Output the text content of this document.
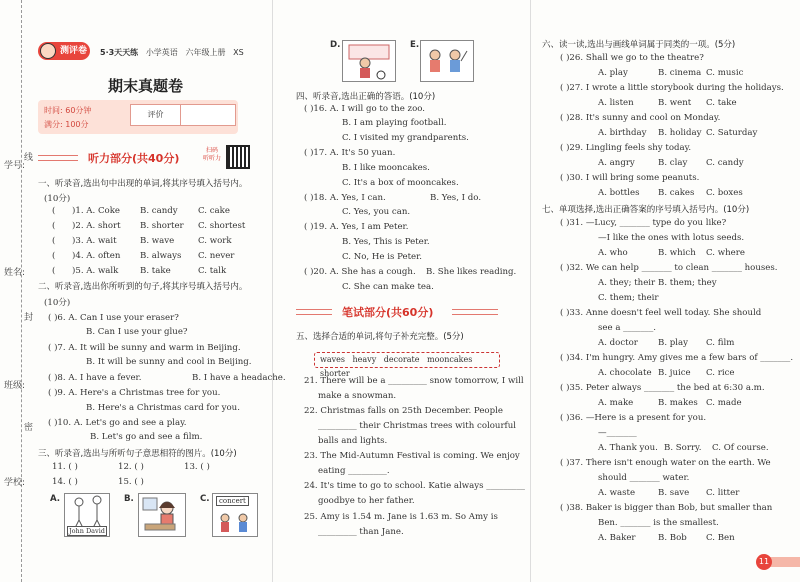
学号:
线
姓名:
封
班级:
密
学校:
测评卷	5·3天天练 小学英语 六年级上册 XS
期末真题卷
时间: 60分钟
满分: 100分
评价
听力部分(共40分)
扫码
听听力
一、听录音,选出句中出现的单词,将其序号填入括号内。
(10分)
( )1. A. Coke B. candy C. cake
( )2. A. short B. shorter C. shortest
( )3. A. wait	B. wave	C. work
( )4. A. often B. always C. never
( )5. A. walk	B. take	C. talk
二、听录音,选出你所听到的句子,将其序号填入括号内。
(10分)
( )6. A. Can I use your eraser?
B. Can I use your glue?
( )7. A. It will be sunny and warm in Beijing.
B. It will be sunny and cool in Beijing.
( )8. A. I have a fever.	B. I have a headache.
( )9. A. Here's a Christmas tree for you.
B. Here's a Christmas card for you.
( )10. A. Let's go and see a play.
B. Let's go and see a film.
三、听录音,选出与所听句子意思相符的图片。(10分)
11. ( )	12. ( )	13. ( )
14. ( )	15. ( )
A.
John David
B.	C.	concert
D.	E.
四、听录音,选出正确的答语。(10分)
( )16. A. I will go to the zoo.
B. I am playing football.
C. I visited my grandparents.
( )17. A. It's 50 yuan.
B. I like mooncakes.
C. It's a box of mooncakes.
( )18. A. Yes, I can.	B. Yes, I do.
C. Yes, you can.
( )19. A. Yes, I am Peter.
B. Yes, This is Peter.
C. No, He is Peter.
( )20. A. She has a cough. B. She likes reading.
C. She can make tea.
笔试部分(共60分)
五、选择合适的单词,将句子补充完整。(5分)
waves heavy decorate mooncakes shorter
21. There will be a _________ snow tomorrow, I will
make a snowman.
22. Christmas falls on 25th December. People
_________ their Christmas trees with colourful
balls and lights.
23. The Mid-Autumn Festival is coming. We enjoy
eating _________.
24. It's time to go to school. Katie always _________
goodbye to her father.
25. Amy is 1.54 m. Jane is 1.63 m. So Amy is
_________ than Jane.
六、读一读,选出与画线单词属于同类的一项。(5分)
( )26. Shall we go to the theatre?
A. play	B. cinema C. music
( )27. I wrote a little storybook during the holidays.
A. listen	B. went C. take
( )28. It's sunny and cool on Monday.
A. birthday B. holiday C. Saturday
( )29. Lingling feels shy today.
A. angry	B. clay C. candy
( )30. I will bring some peanuts.
A. bottles B. cakes C. boxes
七、单项选择,选出正确答案的序号填入括号内。(10分)
( )31. —Lucy, _______ type do you like?
—I like the ones with lotus seeds.
A. who	B. which C. where
( )32. We can help _______ to clean _______ houses.
A. they; their B. them; they
C. them; their
( )33. Anne doesn't feel well today. She should
see a _______.
A. doctor B. play C. film
( )34. I'm hungry. Amy gives me a few bars of _______.
A. chocolate B. juice C. rice
( )35. Peter always _______ the bed at 6:30 a.m.
A. make	B. makes C. made
( )36. —Here is a present for you.
—_______
A. Thank you. B. Sorry. C. Of course.
( )37. There isn't enough water on the earth. We
should _______ water.
A. waste	B. save C. litter
( )38. Baker is bigger than Bob, but smaller than
Ben. _______ is the smallest.
A. Baker	B. Bob C. Ben
11
